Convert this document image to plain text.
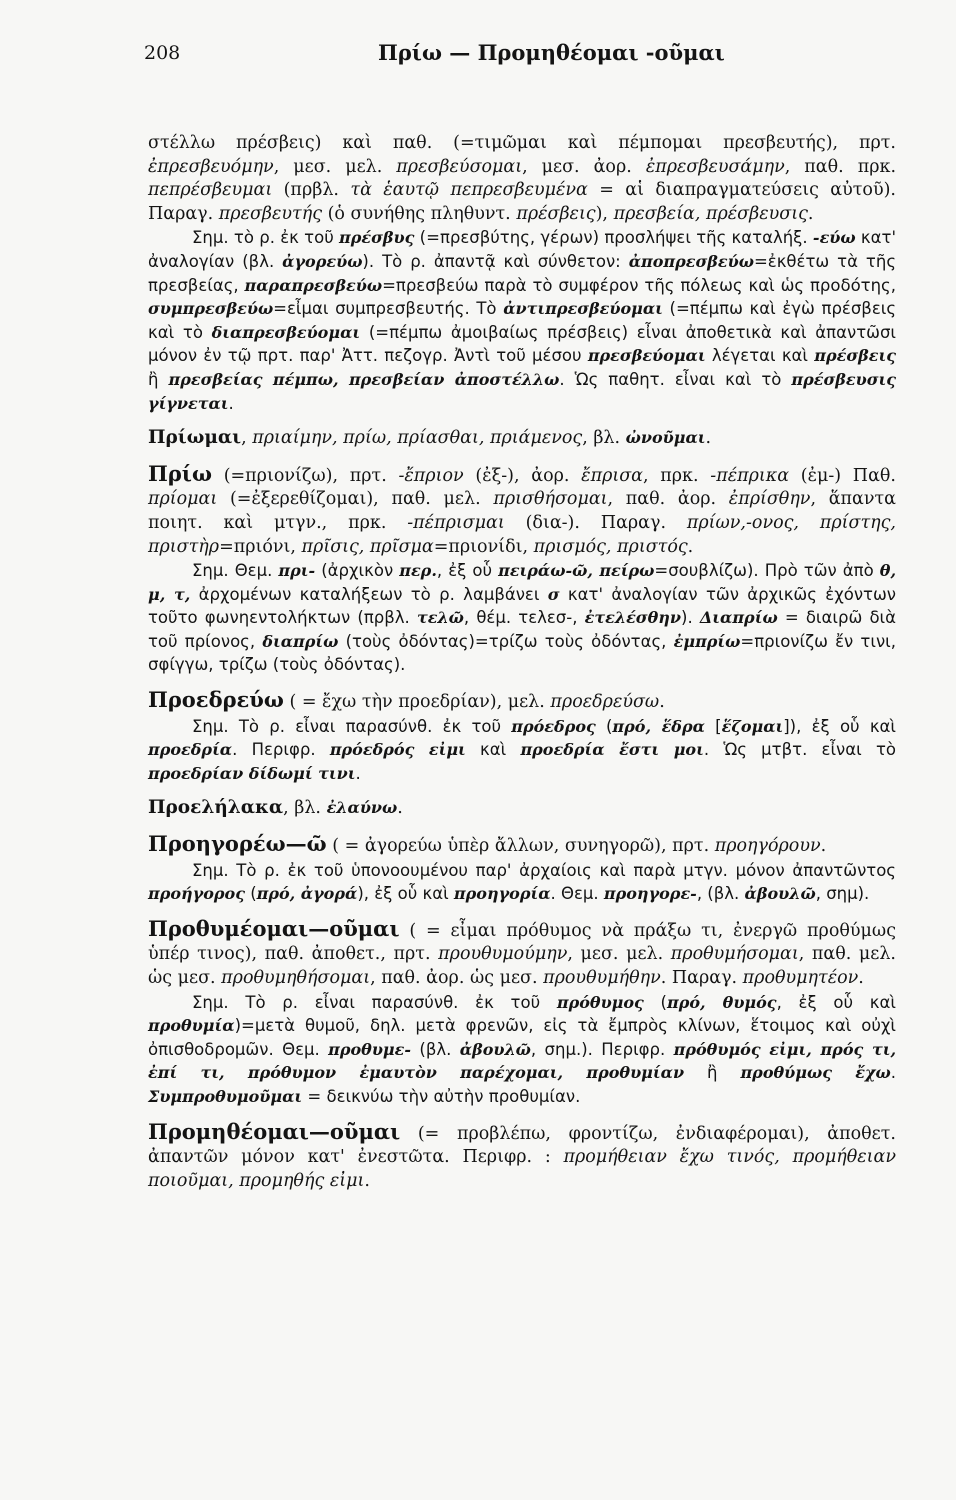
208	Πρίω — Προμηθέομαι -οῦμαι

στέλλω πρέσβεις) καὶ παθ. (=τιμῶμαι καὶ πέμπομαι πρεσβευτής), πρτ. ἐπρεσβευόμην, μεσ. μελ. πρεσβεύσομαι, μεσ. ἀορ. ἐπρεσβευσάμην, παθ. πρκ. πεπρέσβευμαι (πρβλ. τὰ ἑαυτῷ πεπρεσβευμένα = αἱ διαπραγματεύσεις αὐτοῦ). Παραγ. πρεσβευτής (ὁ συνήθης πληθυντ. πρέσβεις), πρεσβεία, πρέσβευσις.

Σημ. τὸ ρ. ἐκ τοῦ πρέσβυς (=πρεσβύτης, γέρων) προσλήψει τῆς καταλήξ. -εύω κατ' ἀναλογίαν (βλ. ἀγορεύω). Τὸ ρ. ἀπαντᾷ καὶ σύνθετον: ἀποπρεσβεύω=ἐκθέτω τὰ τῆς πρεσβείας, παραπρεσβεύω=πρεσβεύω παρὰ τὸ συμφέρον τῆς πόλεως καὶ ὡς προδότης, συμπρεσβεύω=εἶμαι συμπρεσβευτής. Τὸ ἀντιπρεσβεύομαι (=πέμπω καὶ ἐγὼ πρέσβεις καὶ τὸ διαπρεσβεύομαι (=πέμπω ἀμοιβαίως πρέσβεις) εἶναι ἀποθετικὰ καὶ ἀπαντῶσι μόνον ἐν τῷ πρτ. παρ' Ἀττ. πεζογρ. Ἀντὶ τοῦ μέσου πρεσβεύομαι λέγεται καὶ πρέσβεις ἢ πρεσβείας πέμπω, πρεσβείαν ἀποστέλλω. Ὡς παθητ. εἶναι καὶ τὸ πρέσβευσις γίγνεται.

Πρίωμαι, πριαίμην, πρίω, πρίασθαι, πριάμενος, βλ. ὠνοῦμαι.

Πρίω (=πριονίζω), πρτ. -ἔπριον (ἐξ-), ἀορ. ἔπρισα, πρκ. -πέπρικα (ἐμ-) Παθ. πρίομαι (=ἐξερεθίζομαι), παθ. μελ. πρισθήσομαι, παθ. ἀορ. ἐπρίσθην, ἅπαντα ποιητ. καὶ μτγν., πρκ. -πέπρισμαι (δια-). Παραγ. πρίων,-ονος, πρίστης, πριστὴρ=πριόνι, πρῖσις, πρῖσμα=πριονίδι, πρισμός, πριστός.

Σημ. Θεμ. πρι- (ἀρχικὸν περ., ἐξ οὗ πειράω-ῶ, πείρω=σουβλίζω). Πρὸ τῶν ἀπὸ θ, μ, τ, ἀρχομένων καταλήξεων τὸ ρ. λαμβάνει σ κατ' ἀναλογίαν τῶν ἀρχικῶς ἐχόντων τοῦτο φωνηεντολήκτων (πρβλ. τελῶ, θέμ. τελεσ-, ἐτελέσθην). Διαπρίω = διαιρῶ διὰ τοῦ πρίονος, διαπρίω (τοὺς ὀδόντας)=τρίζω τοὺς ὀδόντας, ἐμπρίω=πριονίζω ἔν τινι, σφίγγω, τρίζω (τοὺς ὀδόντας).

Προεδρεύω ( = ἔχω τὴν προεδρίαν), μελ. προεδρεύσω.

Σημ. Τὸ ρ. εἶναι παρασύνθ. ἐκ τοῦ πρόεδρος (πρό, ἕδρα [ἕζομαι]), ἐξ οὗ καὶ προεδρία. Περιφρ. πρόεδρός εἰμι καὶ προεδρία ἔστι μοι. Ὡς μτβτ. εἶναι τὸ προεδρίαν δίδωμί τινι.

Προελήλακα, βλ. ἐλαύνω.

Προηγορέω—ῶ ( = ἀγορεύω ὑπὲρ ἄλλων, συνηγορῶ), πρτ. προηγόρουν.

Σημ. Τὸ ρ. ἐκ τοῦ ὑπονοουμένου παρ' ἀρχαίοις καὶ παρὰ μτγν. μόνον ἀπαντῶντος προήγορος (πρό, ἀγορά), ἐξ οὗ καὶ προηγορία. Θεμ. προηγορε-, (βλ. ἀβουλῶ, σημ).

Προθυμέομαι—οῦμαι ( = εἶμαι πρόθυμος νὰ πράξω τι, ἐνεργῶ προθύμως ὑπέρ τινος), παθ. ἀποθετ., πρτ. προυθυμούμην, μεσ. μελ. προθυμήσομαι, παθ. μελ. ὡς μεσ. προθυμηθήσομαι, παθ. ἀορ. ὡς μεσ. προυθυμήθην. Παραγ. προθυμητέον.

Σημ. Τὸ ρ. εἶναι παρασύνθ. ἐκ τοῦ πρόθυμος (πρό, θυμός, ἐξ οὗ καὶ προθυμία)=μετὰ θυμοῦ, δηλ. μετὰ φρενῶν, εἰς τὰ ἔμπρὸς κλίνων, ἕτοιμος καὶ οὐχὶ ὀπισθοδρομῶν. Θεμ. προθυμε- (βλ. ἀβουλῶ, σημ.). Περιφρ. πρόθυμός εἰμι, πρός τι, ἐπί τι, πρόθυμον ἐμαυτὸν παρέχομαι, προθυμίαν ἢ προθύμως ἔχω. Συμπροθυμοῦμαι = δεικνύω τὴν αὐτὴν προθυμίαν.

Προμηθέομαι—οῦμαι (= προβλέπω, φροντίζω, ἐνδιαφέρομαι), ἀποθετ. ἀπαντῶν μόνον κατ' ἐνεστῶτα. Περιφρ. : προμήθειαν ἔχω τινός, προμήθειαν ποιοῦμαι, προμηθής εἰμι.
